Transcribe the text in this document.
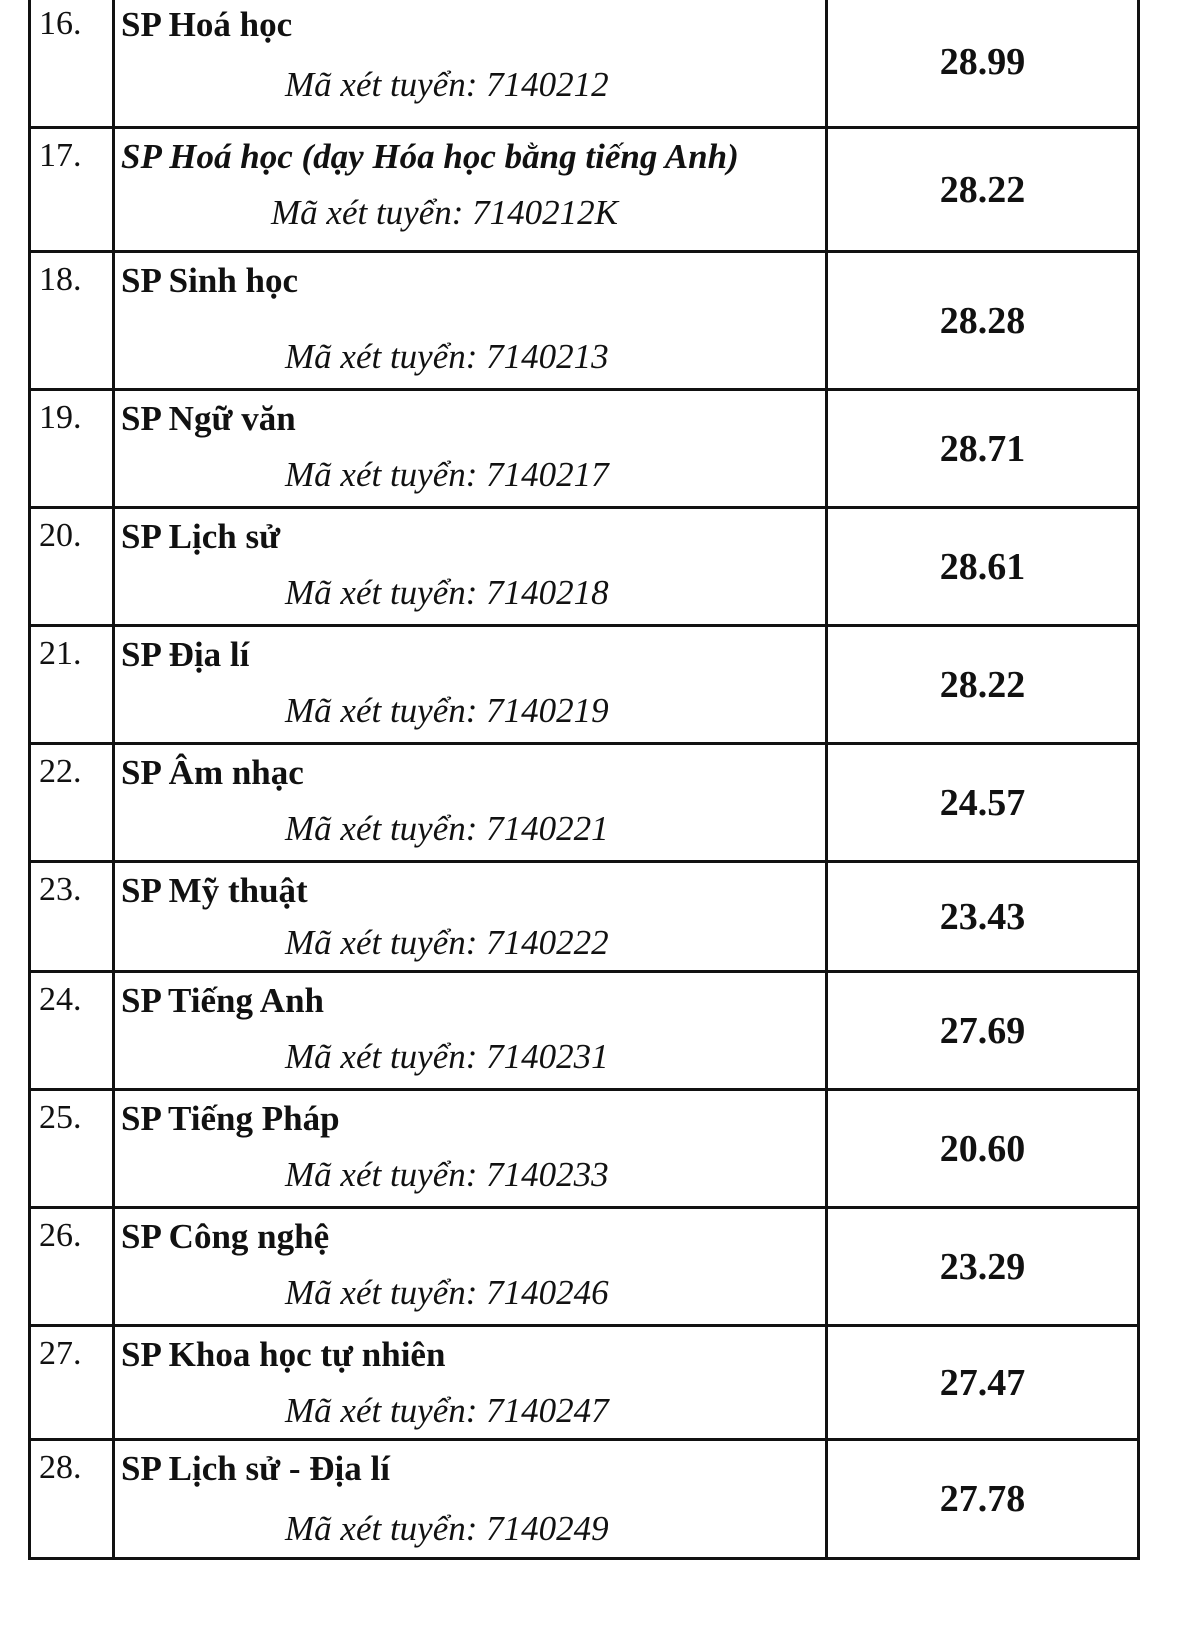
16.	SP Hoá học
Mã xét tuyển: 7140212
28.99
17.	SP Hoá học (dạy Hóa học bằng tiếng Anh)
Mã xét tuyển: 7140212K
28.22
18.	SP Sinh học
Mã xét tuyển: 7140213
28.28
19.	SP Ngữ văn
Mã xét tuyển: 7140217
28.71
20.	SP Lịch sử
Mã xét tuyển: 7140218
28.61
21.	SP Địa lí
Mã xét tuyển: 7140219
28.22
22.	SP Âm nhạc
Mã xét tuyển: 7140221
24.57
23.	SP Mỹ thuật
Mã xét tuyển: 7140222
23.43
24.	SP Tiếng Anh
Mã xét tuyển: 7140231
27.69
25.	SP Tiếng Pháp
Mã xét tuyển: 7140233
20.60
26.	SP Công nghệ
Mã xét tuyển: 7140246
23.29
27.	SP Khoa học tự nhiên
Mã xét tuyển: 7140247
27.47
28.	SP Lịch sử - Địa lí
Mã xét tuyển: 7140249
27.78
